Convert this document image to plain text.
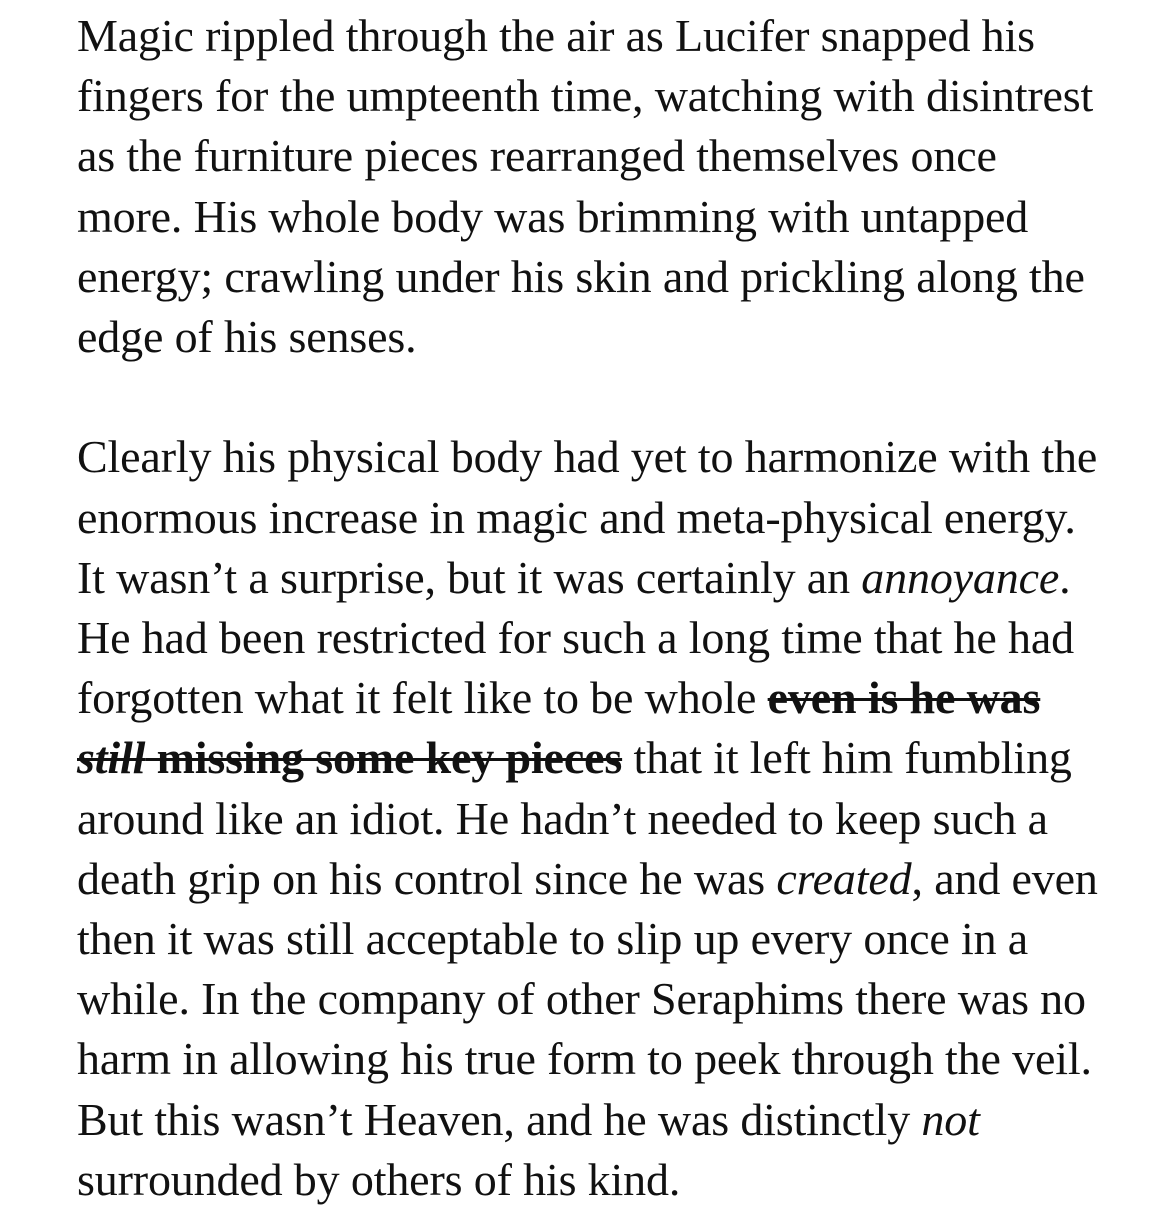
Magic rippled through the air as Lucifer snapped his fingers for the umpteenth time, watching with disintrest as the furniture pieces rearranged themselves once more. His whole body was brimming with untapped energy; crawling under his skin and prickling along the edge of his senses.

Clearly his physical body had yet to harmonize with the enormous increase in magic and meta-physical energy. It wasn’t a surprise, but it was certainly an annoyance. He had been restricted for such a long time that he had forgotten what it felt like to be whole even is he was still missing some key pieces that it left him fumbling around like an idiot. He hadn’t needed to keep such a death grip on his control since he was created, and even then it was still acceptable to slip up every once in a while. In the company of other Seraphims there was no harm in allowing his true form to peek through the veil. But this wasn’t Heaven, and he was distinctly not surrounded by others of his kind.
